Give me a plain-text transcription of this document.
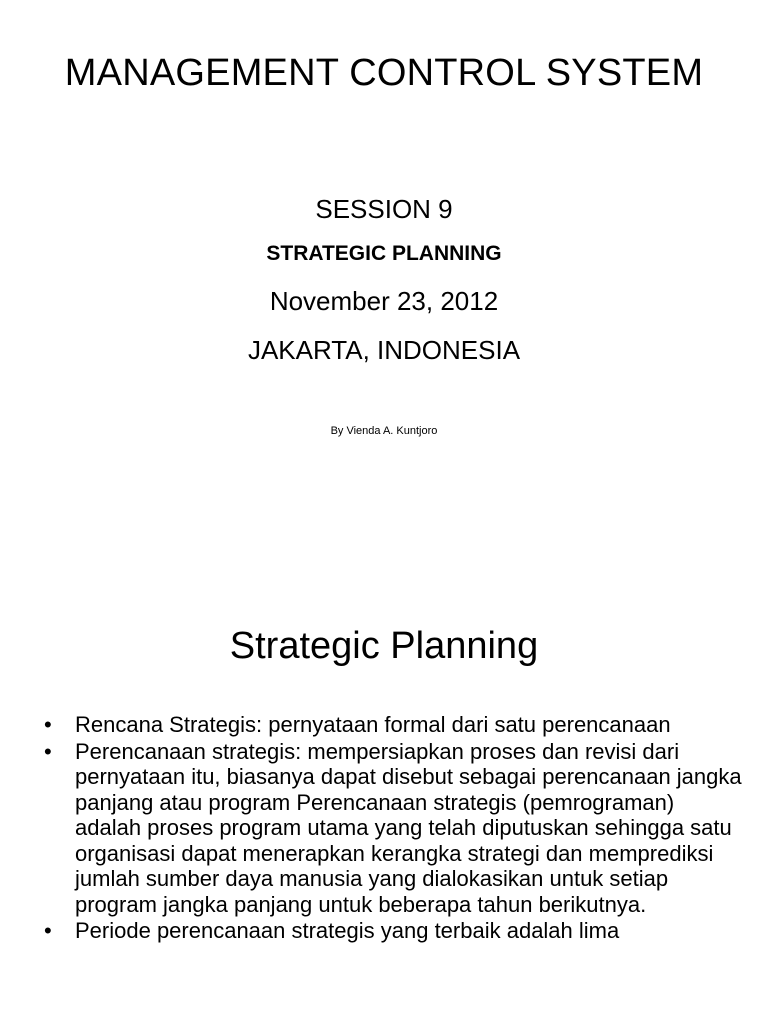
MANAGEMENT CONTROL SYSTEM
SESSION 9
STRATEGIC PLANNING
November 23, 2012
JAKARTA, INDONESIA
By Vienda A. Kuntjoro
Strategic Planning
• Rencana Strategis: pernyataan formal dari satu perencanaan
• Perencanaan strategis: mempersiapkan proses dan revisi dari pernyataan itu, biasanya dapat disebut sebagai perencanaan jangka panjang atau program Perencanaan strategis (pemrograman) adalah proses program utama yang telah diputuskan sehingga satu organisasi dapat menerapkan kerangka strategi dan memprediksi jumlah sumber daya manusia yang dialokasikan untuk setiap program jangka panjang untuk beberapa tahun berikutnya.
• Periode perencanaan strategis yang terbaik adalah lima
